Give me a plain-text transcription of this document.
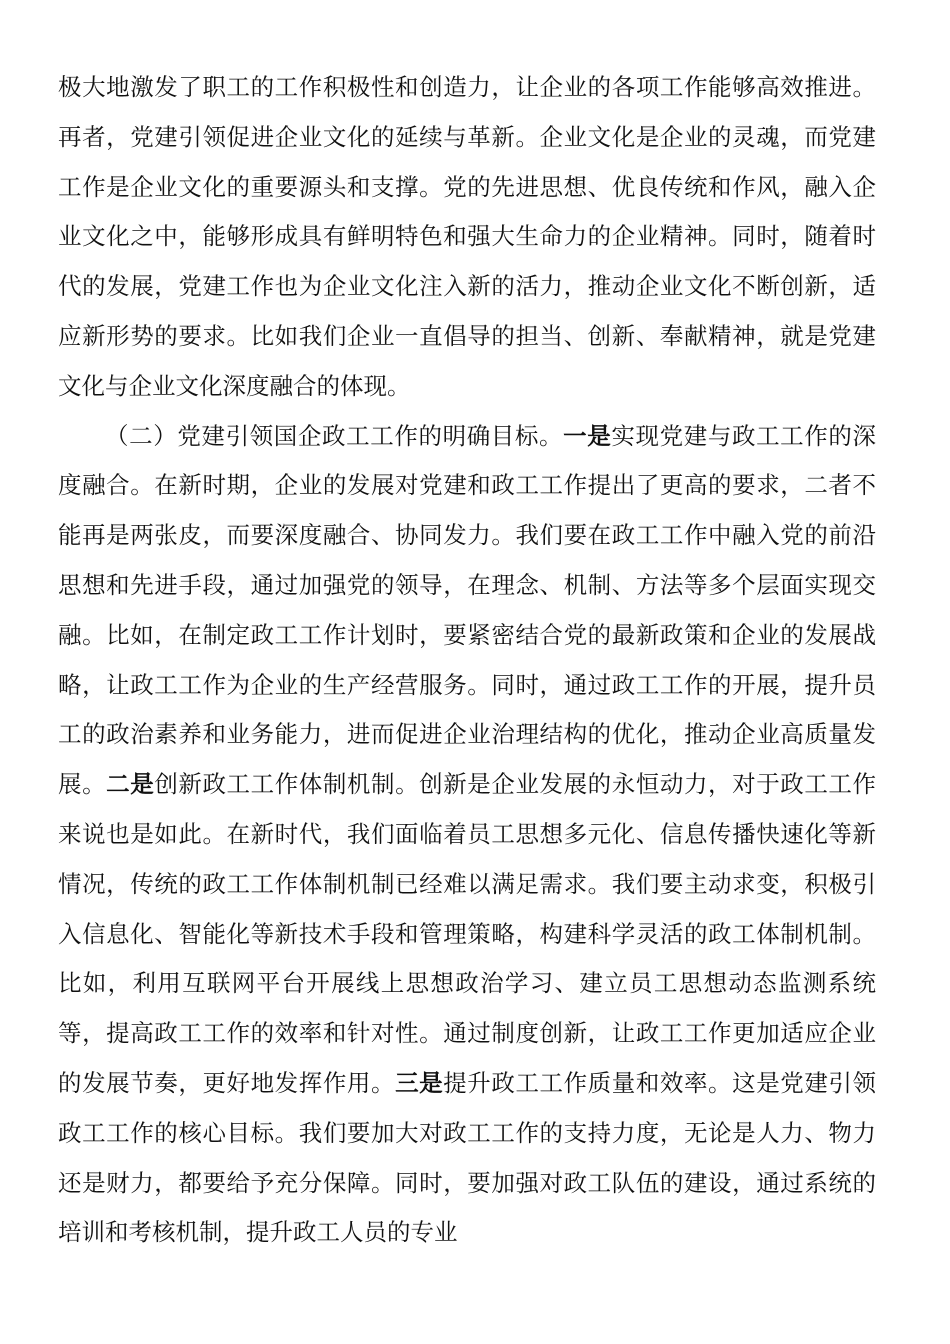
极大地激发了职工的工作积极性和创造力，让企业的各项工作能够高效推进。再者，党建引领促进企业文化的延续与革新。企业文化是企业的灵魂，而党建工作是企业文化的重要源头和支撑。党的先进思想、优良传统和作风，融入企业文化之中，能够形成具有鲜明特色和强大生命力的企业精神。同时，随着时代的发展，党建工作也为企业文化注入新的活力，推动企业文化不断创新，适应新形势的要求。比如我们企业一直倡导的担当、创新、奉献精神，就是党建文化与企业文化深度融合的体现。

（二）党建引领国企政工工作的明确目标。一是实现党建与政工工作的深度融合。在新时期，企业的发展对党建和政工工作提出了更高的要求，二者不能再是两张皮，而要深度融合、协同发力。我们要在政工工作中融入党的前沿思想和先进手段，通过加强党的领导，在理念、机制、方法等多个层面实现交融。比如，在制定政工工作计划时，要紧密结合党的最新政策和企业的发展战略，让政工工作为企业的生产经营服务。同时，通过政工工作的开展，提升员工的政治素养和业务能力，进而促进企业治理结构的优化，推动企业高质量发展。二是创新政工工作体制机制。创新是企业发展的永恒动力，对于政工工作来说也是如此。在新时代，我们面临着员工思想多元化、信息传播快速化等新情况，传统的政工工作体制机制已经难以满足需求。我们要主动求变，积极引入信息化、智能化等新技术手段和管理策略，构建科学灵活的政工体制机制。比如，利用互联网平台开展线上思想政治学习、建立员工思想动态监测系统等，提高政工工作的效率和针对性。通过制度创新，让政工工作更加适应企业的发展节奏，更好地发挥作用。三是提升政工工作质量和效率。这是党建引领政工工作的核心目标。我们要加大对政工工作的支持力度，无论是人力、物力还是财力，都要给予充分保障。同时，要加强对政工队伍的建设，通过系统的培训和考核机制，提升政工人员的专业
